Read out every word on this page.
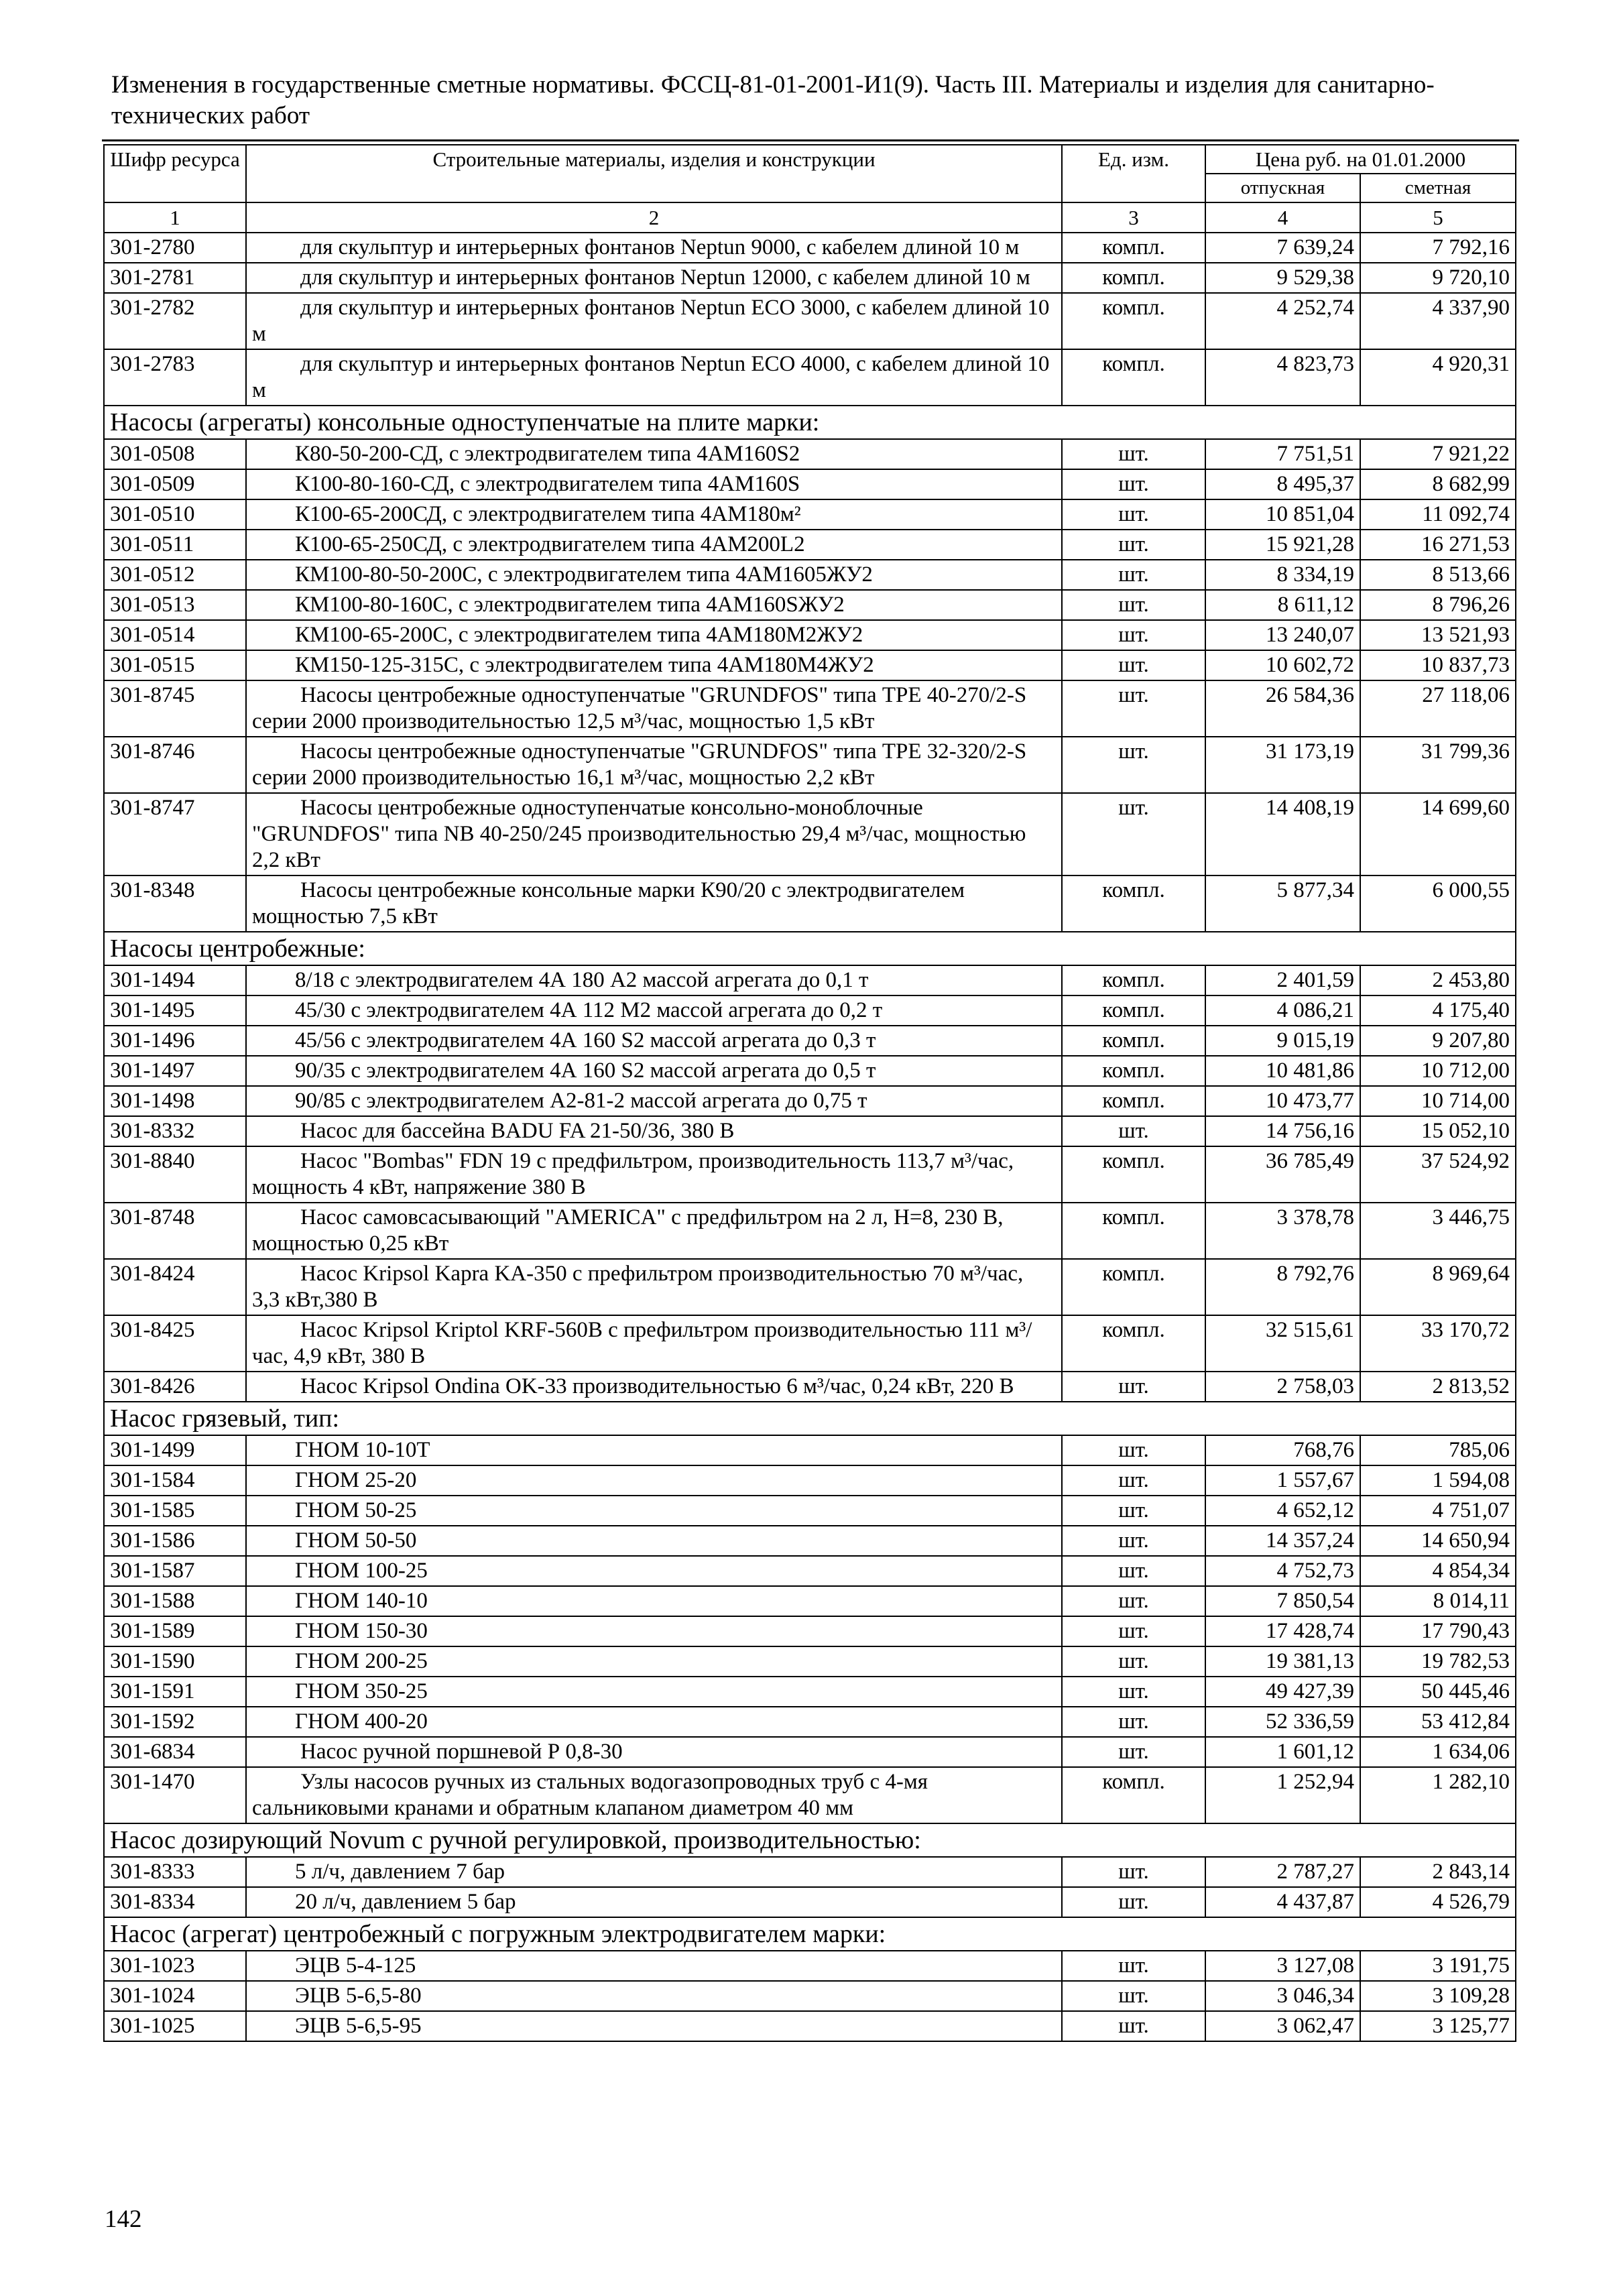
Изменения в государственные сметные нормативы. ФССЦ-81-01-2001-И1(9). Часть III. Материалы и изделия для санитарно-технических работ
Шифр ресурса	Строительные материалы, изделия и конструкции	Ед. изм.	Цена руб. на 01.01.2000	
			отпускная	сметная
1	2	3	4	5
301-2780	для скульптур и интерьерных фонтанов Neptun 9000, с кабелем длиной 10 м	компл.	7 639,24	7 792,16
301-2781	для скульптур и интерьерных фонтанов Neptun 12000, с кабелем длиной 10 м	компл.	9 529,38	9 720,10
301-2782	для скульптур и интерьерных фонтанов Neptun ECO 3000, с кабелем длиной 10 м	компл.	4 252,74	4 337,90
301-2783	для скульптур и интерьерных фонтанов Neptun ECO 4000, с кабелем длиной 10 м	компл.	4 823,73	4 920,31
Насосы (агрегаты) консольные одноступенчатые на плите марки:				
301-0508	К80-50-200-СД, с электродвигателем типа 4АМ160S2	шт.	7 751,51	7 921,22
301-0509	К100-80-160-СД, с электродвигателем типа 4АМ160S	шт.	8 495,37	8 682,99
301-0510	К100-65-200СД, с электродвигателем типа 4АМ180м²	шт.	10 851,04	11 092,74
301-0511	К100-65-250СД, с электродвигателем типа 4АМ200L2	шт.	15 921,28	16 271,53
301-0512	КМ100-80-50-200С, с электродвигателем типа 4АМ1605ЖУ2	шт.	8 334,19	8 513,66
301-0513	КМ100-80-160С, с электродвигателем типа 4АМ160SЖУ2	шт.	8 611,12	8 796,26
301-0514	КМ100-65-200С, с электродвигателем типа 4АМ180М2ЖУ2	шт.	13 240,07	13 521,93
301-0515	КМ150-125-315С, с электродвигателем типа 4АМ180М4ЖУ2	шт.	10 602,72	10 837,73
301-8745	Насосы центробежные одноступенчатые "GRUNDFOS" типа ТРЕ 40-270/2-S серии 2000 производительностью 12,5 м³/час, мощностью 1,5 кВт	шт.	26 584,36	27 118,06
301-8746	Насосы центробежные одноступенчатые "GRUNDFOS" типа ТРЕ 32-320/2-S серии 2000 производительностью 16,1 м³/час, мощностью 2,2 кВт	шт.	31 173,19	31 799,36
301-8747	Насосы центробежные одноступенчатые консольно-моноблочные "GRUNDFOS" типа NB 40-250/245 производительностью 29,4 м³/час, мощностью 2,2 кВт	шт.	14 408,19	14 699,60
301-8348	Насосы центробежные консольные марки К90/20 с электродвигателем мощностью 7,5 кВт	компл.	5 877,34	6 000,55
Насосы центробежные:				
301-1494	8/18 с электродвигателем 4А 180 А2 массой агрегата до 0,1 т	компл.	2 401,59	2 453,80
301-1495	45/30 с электродвигателем 4А 112 М2 массой агрегата до 0,2 т	компл.	4 086,21	4 175,40
301-1496	45/56 с электродвигателем 4А 160 S2 массой агрегата до 0,3 т	компл.	9 015,19	9 207,80
301-1497	90/35 с электродвигателем 4А 160 S2 массой агрегата до 0,5 т	компл.	10 481,86	10 712,00
301-1498	90/85 с электродвигателем А2-81-2 массой агрегата до 0,75 т	компл.	10 473,77	10 714,00
301-8332	Насос для бассейна BADU FA 21-50/36, 380 В	шт.	14 756,16	15 052,10
301-8840	Насос "Bombas" FDN 19 с предфильтром, производительность 113,7 м³/час, мощность 4 кВт, напряжение 380 В	компл.	36 785,49	37 524,92
301-8748	Насос самовсасывающий "AMERICA" с предфильтром на 2 л, Н=8, 230 В, мощностью 0,25 кВт	компл.	3 378,78	3 446,75
301-8424	Насос Kripsol Kapra KA-350 с префильтром производительностью 70 м³/час, 3,3 кВт,380 В	компл.	8 792,76	8 969,64
301-8425	Насос Kripsol Kriptol KRF-560B с префильтром производительностью 111 м³/час, 4,9 кВт, 380 В	компл.	32 515,61	33 170,72
301-8426	Насос Kripsol Ondina OK-33 производительностью 6 м³/час, 0,24 кВт, 220 В	шт.	2 758,03	2 813,52
Насос грязевый, тип:				
301-1499	ГНОМ 10-10Т	шт.	768,76	785,06
301-1584	ГНОМ 25-20	шт.	1 557,67	1 594,08
301-1585	ГНОМ 50-25	шт.	4 652,12	4 751,07
301-1586	ГНОМ 50-50	шт.	14 357,24	14 650,94
301-1587	ГНОМ 100-25	шт.	4 752,73	4 854,34
301-1588	ГНОМ 140-10	шт.	7 850,54	8 014,11
301-1589	ГНОМ 150-30	шт.	17 428,74	17 790,43
301-1590	ГНОМ 200-25	шт.	19 381,13	19 782,53
301-1591	ГНОМ 350-25	шт.	49 427,39	50 445,46
301-1592	ГНОМ 400-20	шт.	52 336,59	53 412,84
301-6834	Насос ручной поршневой Р 0,8-30	шт.	1 601,12	1 634,06
301-1470	Узлы насосов ручных из стальных водогазопроводных труб с 4-мя сальниковыми кранами и обратным клапаном диаметром 40 мм	компл.	1 252,94	1 282,10
Насос дозирующий Novum с ручной регулировкой, производительностью:				
301-8333	5 л/ч, давлением 7 бар	шт.	2 787,27	2 843,14
301-8334	20 л/ч, давлением 5 бар	шт.	4 437,87	4 526,79
Насос (агрегат) центробежный с погружным электродвигателем марки:				
301-1023	ЭЦВ 5-4-125	шт.	3 127,08	3 191,75
301-1024	ЭЦВ 5-6,5-80	шт.	3 046,34	3 109,28
301-1025	ЭЦВ 5-6,5-95	шт.	3 062,47	3 125,77
142
